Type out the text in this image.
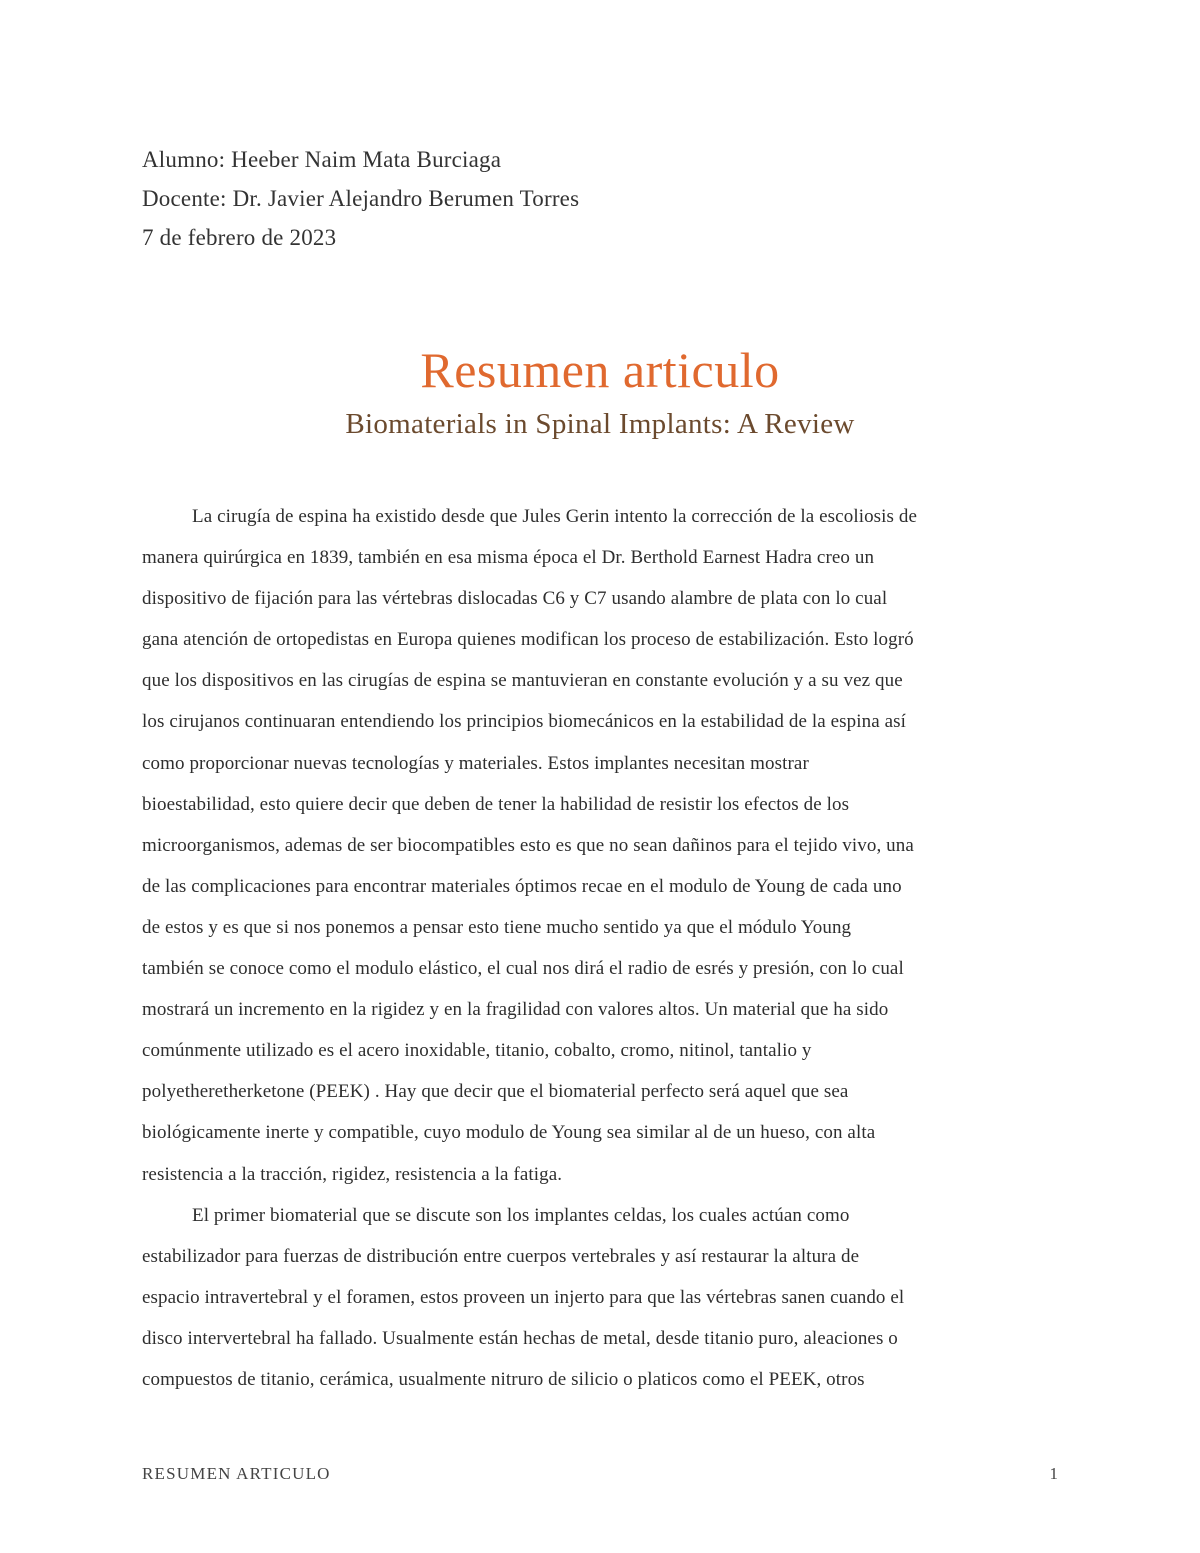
Alumno: Heeber Naim Mata Burciaga
Docente: Dr. Javier Alejandro Berumen Torres
7 de febrero de 2023
Resumen articulo
Biomaterials in Spinal Implants: A Review
La cirugía de espina ha existido desde que Jules Gerin intento la corrección de la escoliosis de
manera quirúrgica en 1839, también en esa misma época el Dr. Berthold Earnest Hadra creo un
dispositivo de fijación para las vértebras dislocadas C6 y C7 usando alambre de plata con lo cual
gana atención de ortopedistas en Europa quienes modifican los proceso de estabilización. Esto logró
que los dispositivos en las cirugías de espina se mantuvieran en constante evolución y a su vez que
los cirujanos continuaran entendiendo los principios biomecánicos en la estabilidad de la espina así
como proporcionar nuevas tecnologías y materiales. Estos implantes necesitan mostrar
bioestabilidad, esto quiere decir que deben de tener la habilidad de resistir los efectos de los
microorganismos, ademas de ser biocompatibles esto es que no sean dañinos para el tejido vivo, una
de las complicaciones para encontrar materiales óptimos recae en el modulo de Young de cada uno
de estos y es que si nos ponemos a pensar esto tiene mucho sentido ya que el módulo Young
también se conoce como el modulo elástico, el cual nos dirá el radio de esrés y presión, con lo cual
mostrará un incremento en la rigidez y en la fragilidad con valores altos. Un material que ha sido
comúnmente utilizado es el acero inoxidable, titanio, cobalto, cromo, nitinol, tantalio y
polyetheretherketone (PEEK) . Hay que decir que el biomaterial perfecto será aquel que sea
biológicamente inerte y compatible, cuyo modulo de Young sea similar al de un hueso, con alta
resistencia a la tracción, rigidez, resistencia a la fatiga.
El primer biomaterial que se discute son los implantes celdas, los cuales actúan como
estabilizador para fuerzas de distribución entre cuerpos vertebrales y así restaurar la altura de
espacio intravertebral y el foramen, estos proveen un injerto para que las vértebras sanen cuando el
disco intervertebral ha fallado. Usualmente están hechas de metal, desde titanio puro, aleaciones o
compuestos de titanio, cerámica, usualmente nitruro de silicio o platicos como el PEEK, otros
RESUMEN ARTICULO	1
